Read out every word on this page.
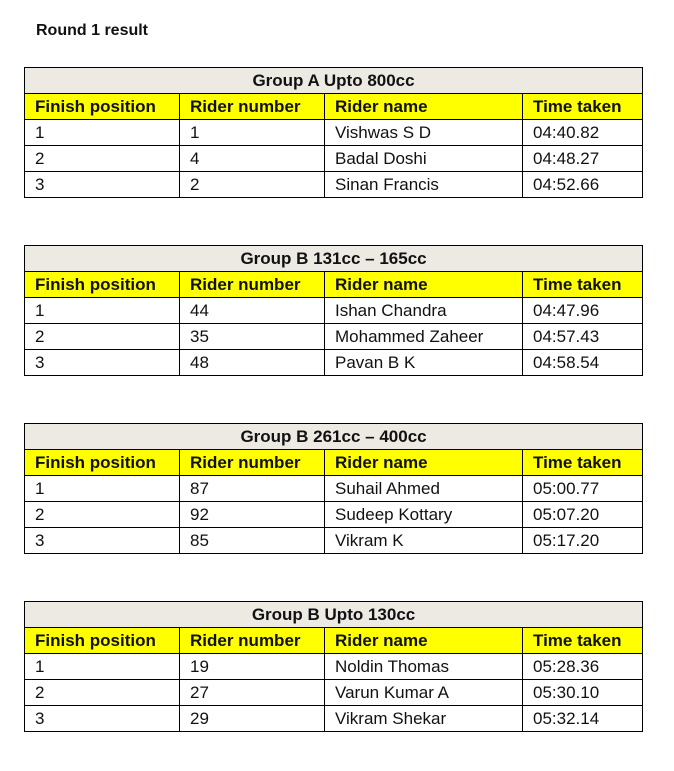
Round 1 result
Group A Upto 800cc			
Finish position	Rider number	Rider name	Time taken
1	1	Vishwas S D	04:40.82
2	4	Badal Doshi	04:48.27
3	2	Sinan Francis	04:52.66
Group B 131cc – 165cc			
Finish position	Rider number	Rider name	Time taken
1	44	Ishan Chandra	04:47.96
2	35	Mohammed Zaheer	04:57.43
3	48	Pavan B K	04:58.54
Group B 261cc – 400cc			
Finish position	Rider number	Rider name	Time taken
1	87	Suhail Ahmed	05:00.77
2	92	Sudeep Kottary	05:07.20
3	85	Vikram K	05:17.20
Group B Upto 130cc			
Finish position	Rider number	Rider name	Time taken
1	19	Noldin Thomas	05:28.36
2	27	Varun Kumar A	05:30.10
3	29	Vikram Shekar	05:32.14
